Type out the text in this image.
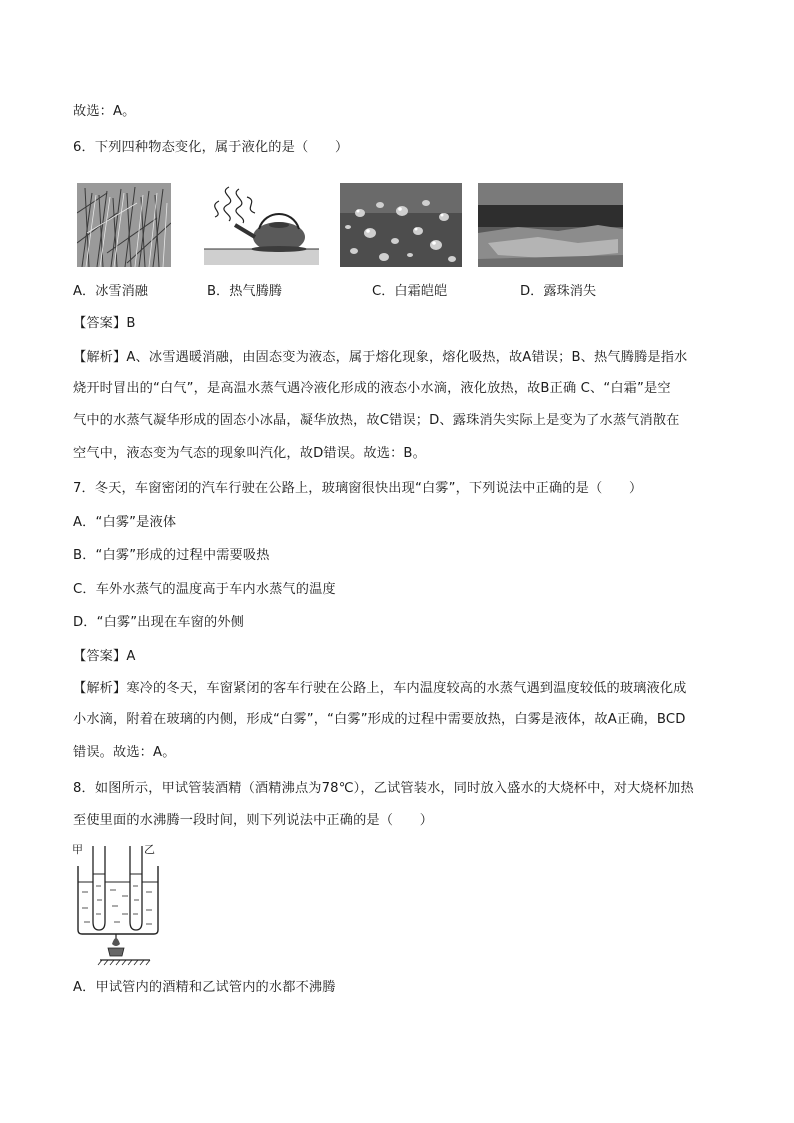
故选：A。
6．下列四种物态变化，属于液化的是（　　）
A．冰雪消融	B．热气腾腾	C．白霜皑皑	D．露珠消失
【答案】B
【解析】A、冰雪遇暖消融，由固态变为液态，属于熔化现象，熔化吸热，故A错误；B、热气腾腾是指水
烧开时冒出的“白气”，是高温水蒸气遇冷液化形成的液态小水滴，液化放热，故B正确 C、“白霜”是空
气中的水蒸气凝华形成的固态小冰晶，凝华放热，故C错误；D、露珠消失实际上是变为了水蒸气消散在
空气中，液态变为气态的现象叫汽化，故D错误。故选：B。
7．冬天，车窗密闭的汽车行驶在公路上，玻璃窗很快出现“白雾”，下列说法中正确的是（　　）
A．“白雾”是液体
B．“白雾”形成的过程中需要吸热
C．车外水蒸气的温度高于车内水蒸气的温度
D．“白雾”出现在车窗的外侧
【答案】A
【解析】寒冷的冬天，车窗紧闭的客车行驶在公路上，车内温度较高的水蒸气遇到温度较低的玻璃液化成
小水滴，附着在玻璃的内侧，形成“白雾”，“白雾”形成的过程中需要放热，白雾是液体，故A正确，BCD
错误。故选：A。
8．如图所示，甲试管装酒精（酒精沸点为78℃），乙试管装水，同时放入盛水的大烧杯中，对大烧杯加热
至使里面的水沸腾一段时间，则下列说法中正确的是（　　）
甲	乙
A．甲试管内的酒精和乙试管内的水都不沸腾
